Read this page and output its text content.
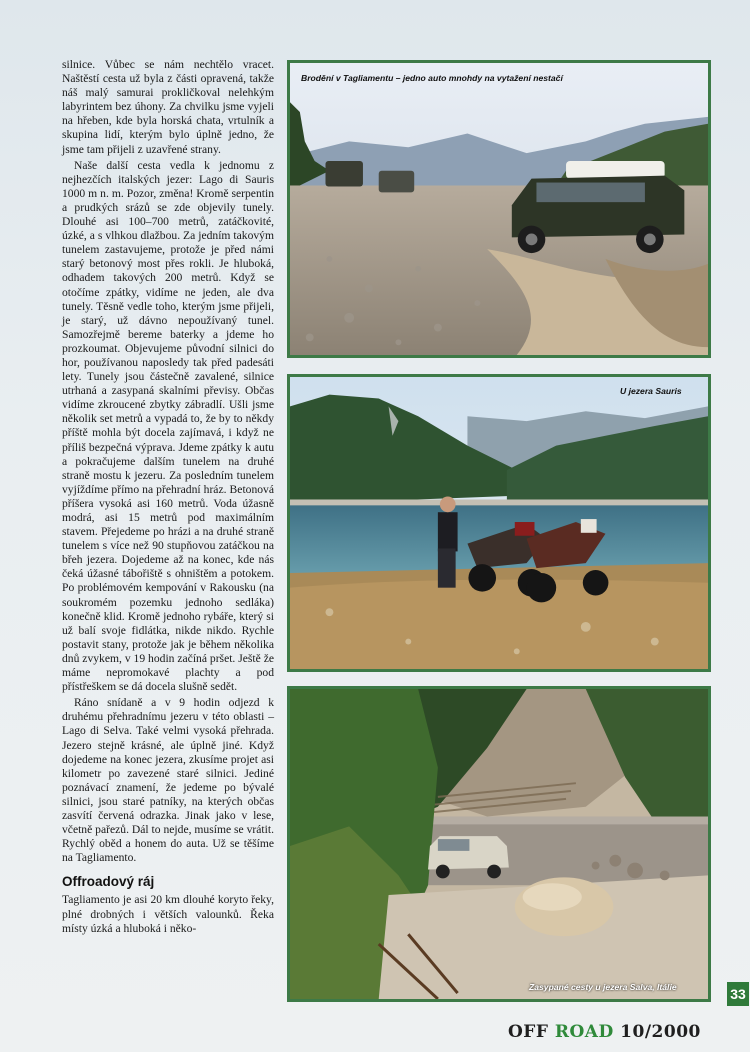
silnice. Vůbec se nám nechtělo vracet. Naštěstí cesta už byla z části opravená, takže náš malý samurai prokličkoval nelehkým labyrintem bez úhony. Za chvilku jsme vyjeli na hřeben, kde byla horská chata, vrtulník a skupina lidí, kterým bylo úplně jedno, že jsme tam přijeli z uzavřené strany.

Naše další cesta vedla k jednomu z nejhezčích italských jezer: Lago di Sauris 1000 m n. m. Pozor, změna! Kromě serpentin a prudkých srázů se zde objevily tunely. Dlouhé asi 100–700 metrů, zatáčkovité, úzké, a s vlhkou dlažbou. Za jedním takovým tunelem zastavujeme, protože je před námi starý betonový most přes rokli. Je hluboká, odhadem takových 200 metrů. Když se otočíme zpátky, vidíme ne jeden, ale dva tunely. Těsně vedle toho, kterým jsme přijeli, je starý, už dávno nepoužívaný tunel. Samozřejmě bereme baterky a jdeme ho prozkoumat. Objevujeme původní silnici do hor, používanou naposledy tak před padesáti lety. Tunely jsou částečně zavalené, silnice utrhaná a zasypaná skalními převisy. Občas vidíme zkroucené zbytky zábradlí. Ušli jsme několik set metrů a vypadá to, že by to někdy příště mohla být docela zajímavá, i když ne příliš bezpečná výprava. Jdeme zpátky k autu a pokračujeme dalším tunelem na druhé straně mostu k jezeru. Za posledním tunelem vyjíždíme přímo na přehradní hráz. Betonová příšera vysoká asi 160 metrů. Voda úžasně modrá, asi 15 metrů pod maximálním stavem. Přejedeme po hrázi a na druhé straně tunelem s více než 90 stupňovou zatáčkou na břeh jezera. Dojedeme až na konec, kde nás čeká úžasné tábořiště s ohništěm a potokem. Po problémovém kempování v Rakousku (na soukromém pozemku jednoho sedláka) konečně klid. Kromě jednoho rybáře, který si už balí svoje fidlátka, nikde nikdo. Rychle postavit stany, protože jak je během několika dnů zvykem, v 19 hodin začíná pršet. Ještě že máme nepromokavé plachty a pod přístřeškem se dá docela slušně sedět.

Ráno snídaně a v 9 hodin odjezd k druhému přehradnímu jezeru v této oblasti – Lago di Selva. Také velmi vysoká přehrada. Jezero stejně krásné, ale úplně jiné. Když dojedeme na konec jezera, zkusíme projet asi kilometr po zavezené staré silnici. Jediné poznávací znamení, že jedeme po bývalé silnici, jsou staré patníky, na kterých občas zasvítí červená odrazka. Jinak jako v lese, včetně pařezů. Dál to nejde, musíme se vrátit. Rychlý oběd a honem do auta. Už se těšíme na Tagliamento.

Offroadový ráj

Tagliamento je asi 20 km dlouhé koryto řeky, plné drobných i větších valounků. Řeka místy úzká a hluboká i něko-

Brodění v Tagliamentu – jedno auto mnohdy na vytažení nestačí
U jezera Sauris
Zasypané cesty u jezera Salva, Itálie	33
OFF ROAD 10/2000
